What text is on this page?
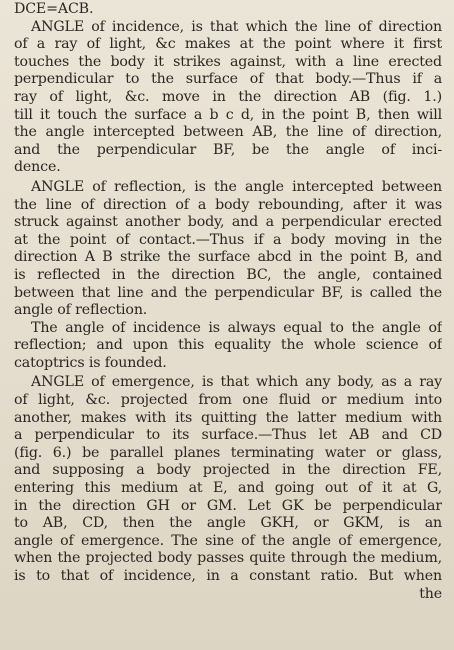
DCE=ACB.
ANGLE of incidence, is that which the line of direction
of a ray of light, &c makes at the point where it first
touches the body it strikes against, with a line erected
perpendicular to the surface of that body.—Thus if a
ray of light, &c. move in the direction AB (fig. 1.)
till it touch the surface a b c d, in the point B, then will
the angle intercepted between AB, the line of direction,
and the perpendicular BF, be the angle of inci-
dence.
ANGLE of reflection, is the angle intercepted between
the line of direction of a body rebounding, after it was
struck against another body, and a perpendicular erected
at the point of contact.—Thus if a body moving in the
direction A B strike the surface abcd in the point B, and
is reflected in the direction BC, the angle, contained
between that line and the perpendicular BF, is called the
angle of reflection.
The angle of incidence is always equal to the angle of
reflection; and upon this equality the whole science of
catoptrics is founded.
ANGLE of emergence, is that which any body, as a ray
of light, &c. projected from one fluid or medium into
another, makes with its quitting the latter medium with
a perpendicular to its surface.—Thus let AB and CD
(fig. 6.) be parallel planes terminating water or glass,
and supposing a body projected in the direction FE,
entering this medium at E, and going out of it at G,
in the direction GH or GM. Let GK be perpendicular
to AB, CD, then the angle GKH, or GKM, is an
angle of emergence. The sine of the angle of emergence,
when the projected body passes quite through the medium,
is to that of incidence, in a constant ratio. But when
the
